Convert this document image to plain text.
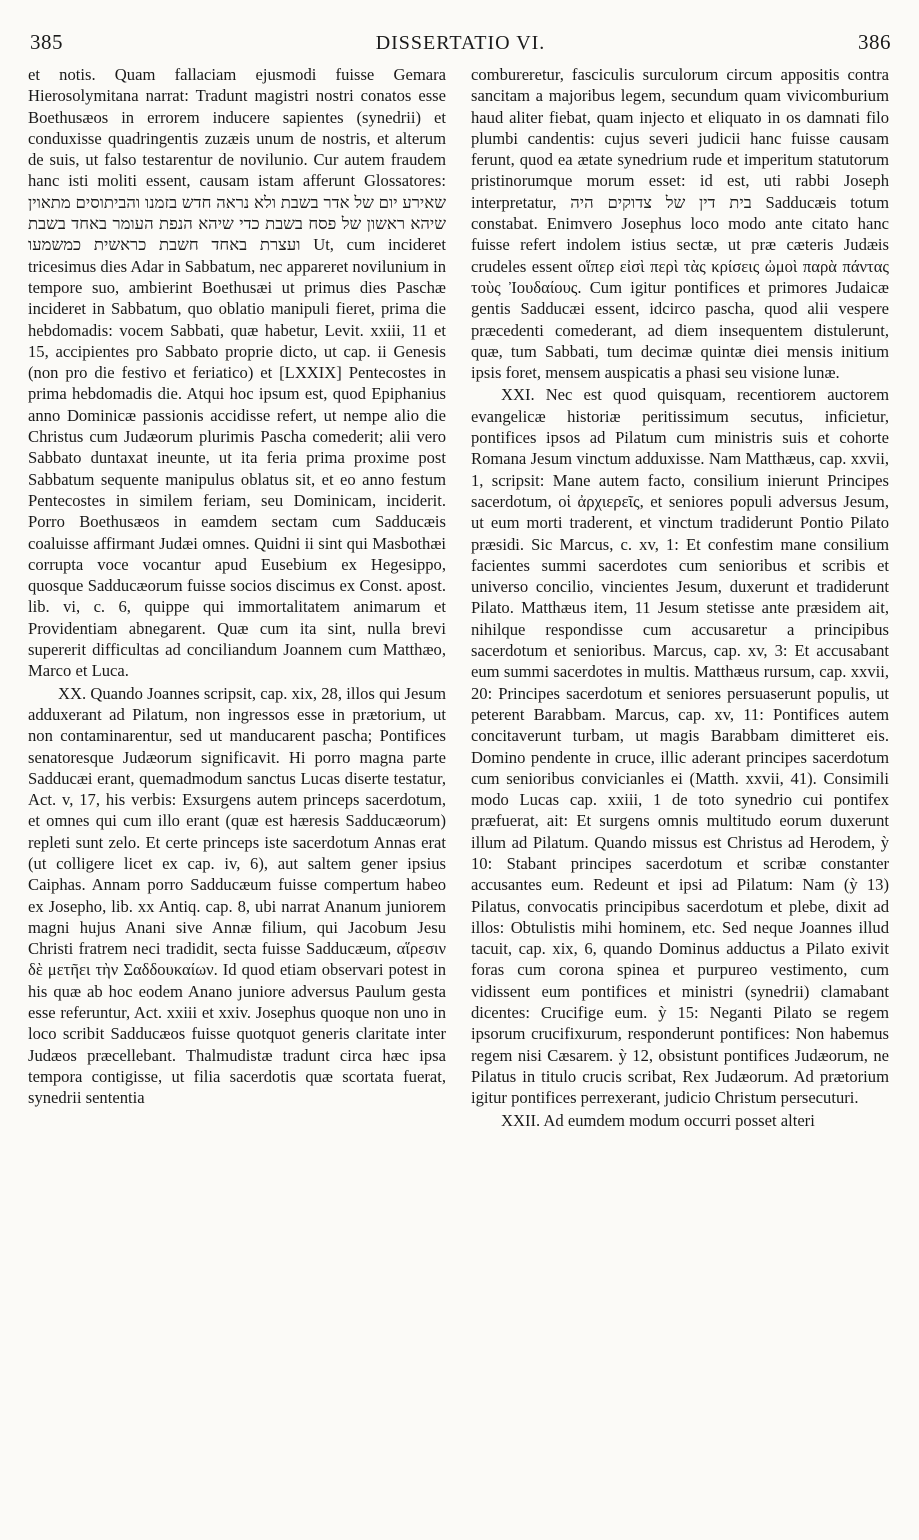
385	DISSERTATIO VI.	386

et notis. Quam fallaciam ejusmodi fuisse Gemara Hierosolymitana narrat: Tradunt magistri nostri conatos esse Boethusæos in errorem inducere sapientes (synedrii) et conduxisse quadringentis zuzæis unum de nostris, et alterum de suis, ut falso testarentur de novilunio. Cur autem fraudem hanc isti moliti essent, causam istam afferunt Glossatores: שאירע יום של אדר בשבת ולא נראה חדש בזמנו והביתוסים מתאוין שיהא ראשון של פסח בשבת כדי שיהא הנפת העומר באחד בשבת ועצרת באחד חשבת כראשית כמשמעו Ut, cum incideret tricesimus dies Adar in Sabbatum, nec appareret novilunium in tempore suo, ambierint Boethusæi ut primus dies Paschæ incideret in Sabbatum, quo oblatio manipuli fieret, prima die hebdomadis: vocem Sabbati, quæ habetur, Levit. xxiii, 11 et 15, accipientes pro Sabbato proprie dicto, ut cap. ii Genesis (non pro die festivo et feriatico) et [LXXIX] Pentecostes in prima hebdomadis die. Atqui hoc ipsum est, quod Epiphanius anno Dominicæ passionis accidisse refert, ut nempe alio die Christus cum Judæorum plurimis Pascha comederit; alii vero Sabbato duntaxat ineunte, ut ita feria prima proxime post Sabbatum sequente manipulus oblatus sit, et eo anno festum Pentecostes in similem feriam, seu Dominicam, inciderit. Porro Boethusæos in eamdem sectam cum Sadducæis coaluisse affirmant Judæi omnes. Quidni ii sint qui Masbothæi corrupta voce vocantur apud Eusebium ex Hegesippo, quosque Sadducæorum fuisse socios discimus ex Const. apost. lib. vi, c. 6, quippe qui immortalitatem animarum et Providentiam abnegarent. Quæ cum ita sint, nulla brevi supererit difficultas ad conciliandum Joannem cum Matthæo, Marco et Luca.

XX. Quando Joannes scripsit, cap. xix, 28, illos qui Jesum adduxerant ad Pilatum, non ingressos esse in prætorium, ut non contaminarentur, sed ut manducarent pascha; Pontifices senatoresque Judæorum significavit. Hi porro magna parte Sadducæi erant, quemadmodum sanctus Lucas diserte testatur, Act. v, 17, his verbis: Exsurgens autem princeps sacerdotum, et omnes qui cum illo erant (quæ est hæresis Sadducæorum) repleti sunt zelo. Et certe princeps iste sacerdotum Annas erat (ut colligere licet ex cap. iv, 6), aut saltem gener ipsius Caiphas. Annam porro Sadducæum fuisse compertum habeo ex Josepho, lib. xx Antiq. cap. 8, ubi narrat Ananum juniorem magni hujus Anani sive Annæ filium, qui Jacobum Jesu Christi fratrem neci tradidit, secta fuisse Sadducæum, αἵρεσιν δὲ μετῆει τὴν Σαδδουκαίων. Id quod etiam observari potest in his quæ ab hoc eodem Anano juniore adversus Paulum gesta esse referuntur, Act. xxiii et xxiv. Josephus quoque non uno in loco scribit Sadducæos fuisse quotquot generis claritate inter Judæos præcellebant. Thalmudistæ tradunt circa hæc ipsa tempora contigisse, ut filia sacerdotis quæ scortata fuerat, synedrii sententia

combureretur, fasciculis surculorum circum appositis contra sancitam a majoribus legem, secundum quam vivicomburium haud aliter fiebat, quam injecto et eliquato in os damnati filo plumbi candentis: cujus severi judicii hanc fuisse causam ferunt, quod ea ætate synedrium rude et imperitum statutorum pristinorumque morum esset: id est, uti rabbi Joseph interpretatur, בית דין של צדוקים היה Sadducæis totum constabat. Enimvero Josephus loco modo ante citato hanc fuisse refert indolem istius sectæ, ut præ cæteris Judæis crudeles essent οἵπερ εἰσὶ περὶ τὰς κρίσεις ὠμοὶ παρὰ πάντας τοὺς Ἰουδαίους. Cum igitur pontifices et primores Judaicæ gentis Sadducæi essent, idcirco pascha, quod alii vespere præcedenti comederant, ad diem insequentem distulerunt, quæ, tum Sabbati, tum decimæ quintæ diei mensis initium ipsis foret, mensem auspicatis a phasi seu visione lunæ.

XXI. Nec est quod quisquam, recentiorem auctorem evangelicæ historiæ peritissimum secutus, inficietur, pontifices ipsos ad Pilatum cum ministris suis et cohorte Romana Jesum vinctum adduxisse. Nam Matthæus, cap. xxvii, 1, scripsit: Mane autem facto, consilium inierunt Principes sacerdotum, οἱ ἀρχιερεῖς, et seniores populi adversus Jesum, ut eum morti traderent, et vinctum tradiderunt Pontio Pilato præsidi. Sic Marcus, c. xv, 1: Et confestim mane consilium facientes summi sacerdotes cum senioribus et scribis et universo concilio, vincientes Jesum, duxerunt et tradiderunt Pilato. Matthæus item, 11 Jesum stetisse ante præsidem ait, nihilque respondisse cum accusaretur a principibus sacerdotum et senioribus. Marcus, cap. xv, 3: Et accusabant eum summi sacerdotes in multis. Matthæus rursum, cap. xxvii, 20: Principes sacerdotum et seniores persuaserunt populis, ut peterent Barabbam. Marcus, cap. xv, 11: Pontifices autem concitaverunt turbam, ut magis Barabbam dimitteret eis. Domino pendente in cruce, illic aderant principes sacerdotum cum senioribus convicianles ei (Matth. xxvii, 41). Consimili modo Lucas cap. xxiii, 1 de toto synedrio cui pontifex præfuerat, ait: Et surgens omnis multitudo eorum duxerunt illum ad Pilatum. Quando missus est Christus ad Herodem, ỳ 10: Stabant principes sacerdotum et scribæ constanter accusantes eum. Redeunt et ipsi ad Pilatum: Nam (ỳ 13) Pilatus, convocatis principibus sacerdotum et plebe, dixit ad illos: Obtulistis mihi hominem, etc. Sed neque Joannes illud tacuit, cap. xix, 6, quando Dominus adductus a Pilato exivit foras cum corona spinea et purpureo vestimento, cum vidissent eum pontifices et ministri (synedrii) clamabant dicentes: Crucifige eum. ỳ 15: Neganti Pilato se regem ipsorum crucifixurum, responderunt pontifices: Non habemus regem nisi Cæsarem. ỳ 12, obsistunt pontifices Judæorum, ne Pilatus in titulo crucis scribat, Rex Judæorum. Ad prætorium igitur pontifices perrexerant, judicio Christum persecuturi.

XXII. Ad eumdem modum occurri posset alteri
